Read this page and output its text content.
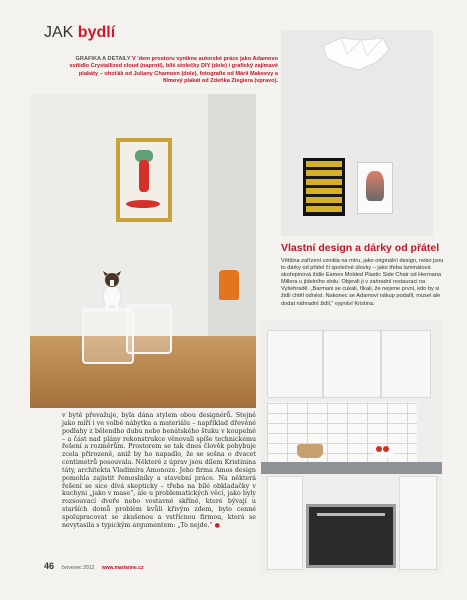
JAK bydlí
GRAFIKA A DETAILY V 'dem prostoru vynikne autorské práce jako Adamovo svítidlo Crystallized cloud (naproti), bílé stolečky DIY (dole) i grafický zajímavé plakáty – ohoťák od Juliany Chamoen (dole), fotografie od Márii Makeevy a filmový plakát od Zdeňka Ziegiera (vpravo).
Vlastní design a dárky od přátel
Většina zařízení vznikla na míru, jako originální design, nebo jsou to dárky od přátel či společné úlovky – jako třeba laminátová skořepinová židle Eames Molded Plastic Side Chair od Hermana Millera u jídelního stolu. Objevili ji v zahradní restauraci na Vyšehradě. „Barmani se cukali, říkali, že nejsme první, kdo by si židli chtěl odnést. Nakonec se Adamovi nákup podařil, musel ale dodat náhradní židli,“ vypráví Kristina.
v bytě převažuje, byla dána stylem obou designérů. Stejně jako míří i ve volbě nábytku a materiálu – například dřevěné podlahy z bělendho dubu nebo benátského štuku v koupelně – a část nad plány rekonstrukce věnovali spíše technickému řešení a rozměrům. Prostorem se tak dnes člověk pohybuje zcela přirozeně, aniž by ho napadlo, že se sošna o dvacet centimetrů posouvala. Některé z úprav jsou dílem Kristinina táty, architekta Vladimíra Amonoze. Jeho firma Amos design pomohla zajistit řemeslníky a stavební práce. Na některá řešení se sice dívá skepticky – třeba na bílé obkladačky v kuchyni „jako v mase“, ale u problematických věcí, jako byly rozsouvací dveře nebo vestavné skříně, které bývají u starších domů problém kvůli křivým zdem, bylo cenné spolupracovat se zkušenou a vstřícnou firmou, která se nevytasila s typickým argumentem: „To nejde.“ ●
46 červenec 2012 www.marianne.cz
